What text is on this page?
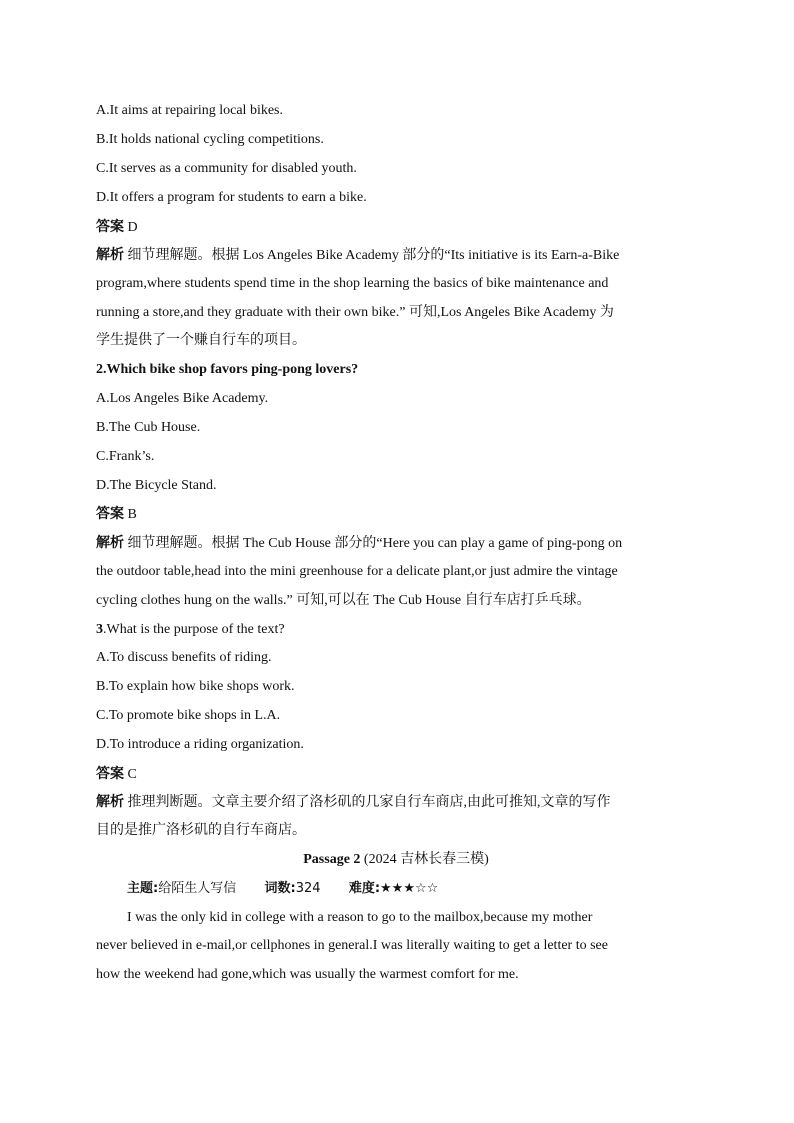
A.It aims at repairing local bikes.
B.It holds national cycling competitions.
C.It serves as a community for disabled youth.
D.It offers a program for students to earn a bike.
答案 D
解析 细节理解题。根据 Los Angeles Bike Academy 部分的“Its initiative is its Earn-a-Bike
program,where students spend time in the shop learning the basics of bike maintenance and
running a store,and they graduate with their own bike.” 可知,Los Angeles Bike Academy 为
学生提供了一个赚自行车的项目。
2.Which bike shop favors ping-pong lovers?
A.Los Angeles Bike Academy.
B.The Cub House.
C.Frank’s.
D.The Bicycle Stand.
答案 B
解析 细节理解题。根据 The Cub House 部分的“Here you can play a game of ping-pong on
the outdoor table,head into the mini greenhouse for a delicate plant,or just admire the vintage
cycling clothes hung on the walls.” 可知,可以在 The Cub House 自行车店打乒乓球。
3.What is the purpose of the text?
A.To discuss benefits of riding.
B.To explain how bike shops work.
C.To promote bike shops in L.A.
D.To introduce a riding organization.
答案 C
解析 推理判断题。文章主要介绍了洛杉矶的几家自行车商店,由此可推知,文章的写作
目的是推广洛杉矶的自行车商店。
Passage 2 (2024 吉林长春三模)
主题:给陌生人写信 词数:324 难度:★★★☆☆
I was the only kid in college with a reason to go to the mailbox,because my mother
never believed in e-mail,or cellphones in general.I was literally waiting to get a letter to see
how the weekend had gone,which was usually the warmest comfort for me.
